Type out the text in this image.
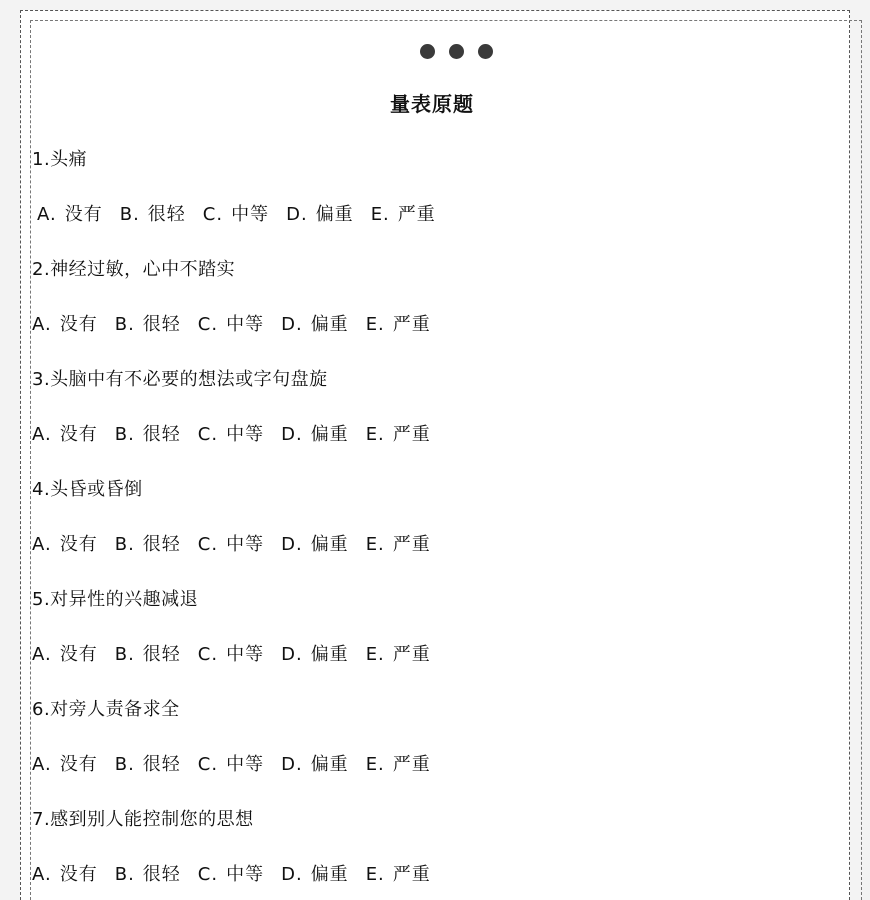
量表原题
1.头痛
A. 没有 B. 很轻 C. 中等 D. 偏重 E. 严重
2.神经过敏，心中不踏实
A. 没有 B. 很轻 C. 中等 D. 偏重 E. 严重
3.头脑中有不必要的想法或字句盘旋
A. 没有 B. 很轻 C. 中等 D. 偏重 E. 严重
4.头昏或昏倒
A. 没有 B. 很轻 C. 中等 D. 偏重 E. 严重
5.对异性的兴趣减退
A. 没有 B. 很轻 C. 中等 D. 偏重 E. 严重
6.对旁人责备求全
A. 没有 B. 很轻 C. 中等 D. 偏重 E. 严重
7.感到别人能控制您的思想
A. 没有 B. 很轻 C. 中等 D. 偏重 E. 严重
